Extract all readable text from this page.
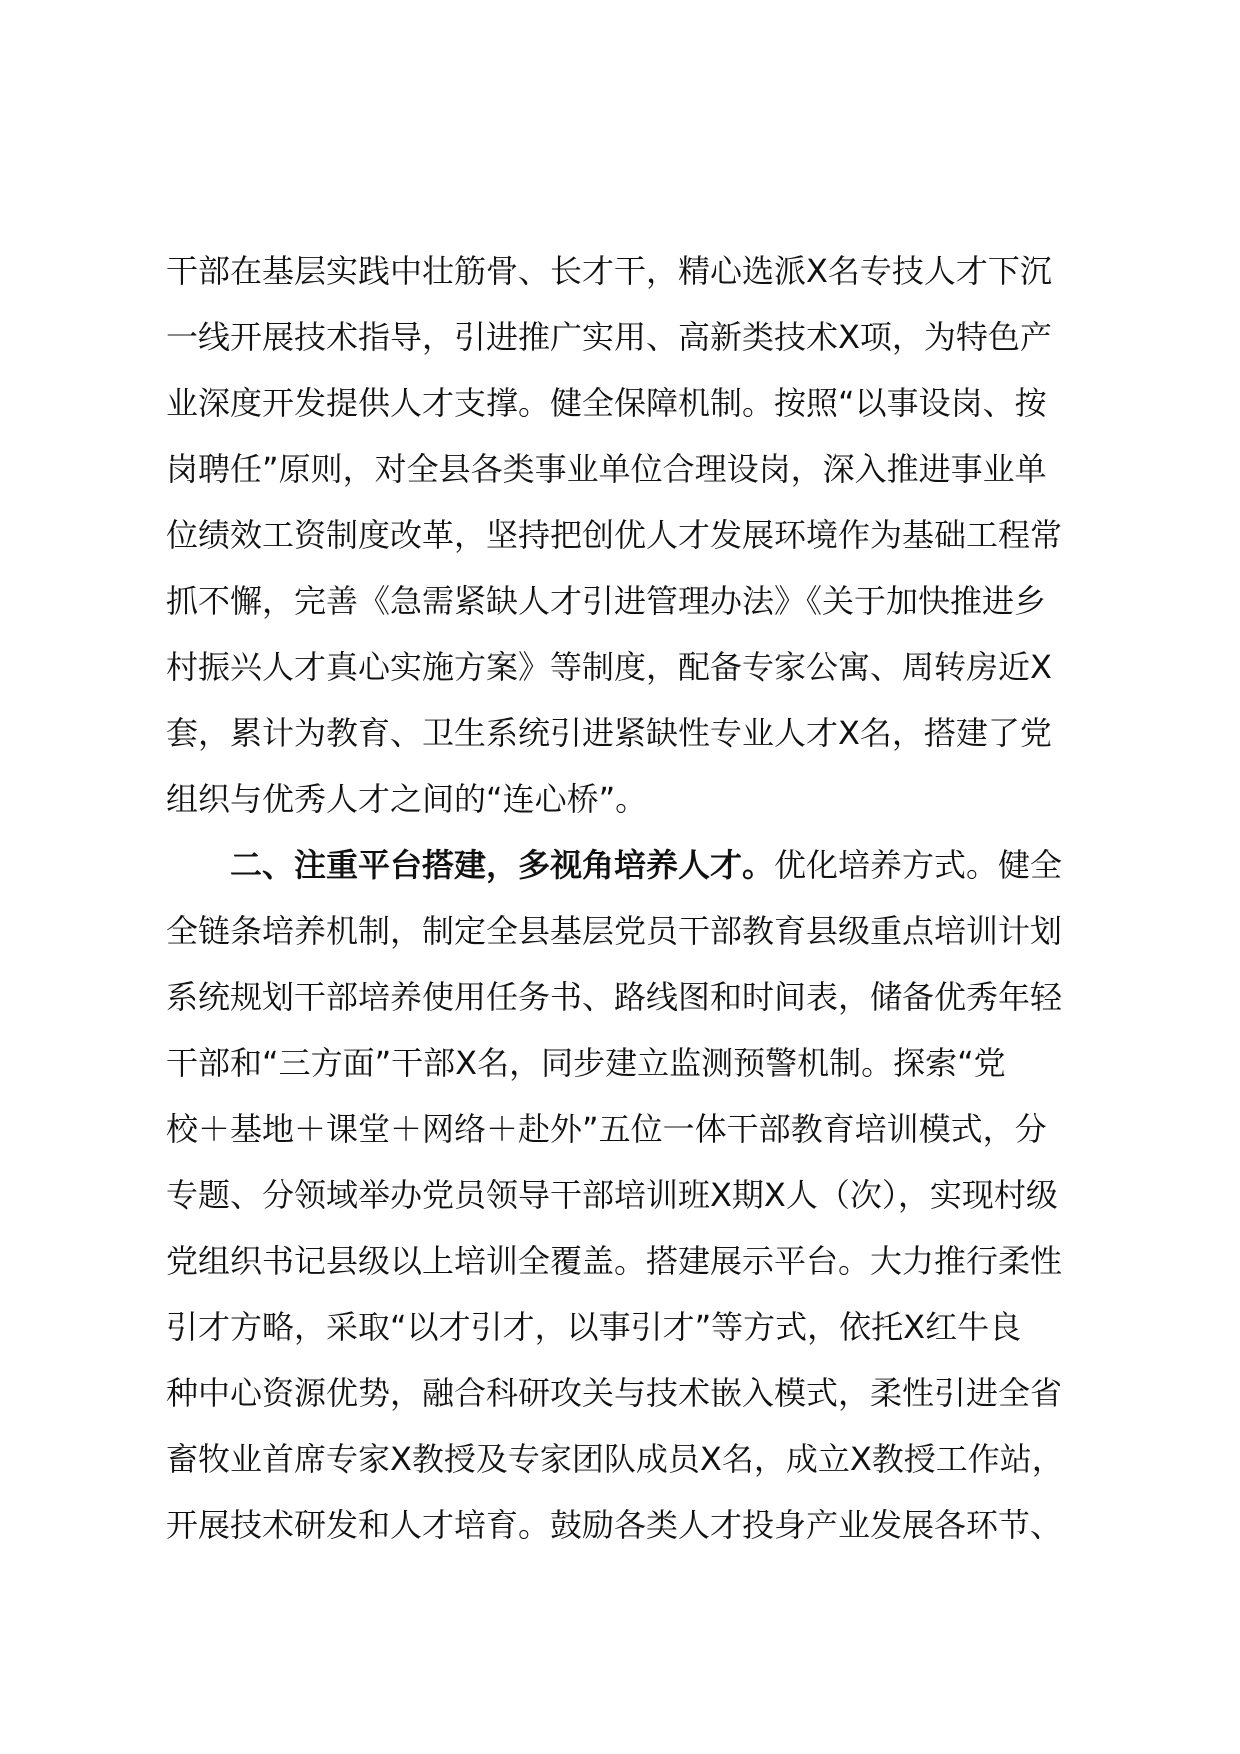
干部在基层实践中壮筋骨、长才干，精心选派X名专技人才下沉
一线开展技术指导，引进推广实用、高新类技术X项，为特色产
业深度开发提供人才支撑。健全保障机制。按照“以事设岗、按
岗聘任”原则，对全县各类事业单位合理设岗，深入推进事业单
位绩效工资制度改革，坚持把创优人才发展环境作为基础工程常
抓不懈，完善《急需紧缺人才引进管理办法》《关于加快推进乡
村振兴人才真心实施方案》等制度，配备专家公寓、周转房近X
套，累计为教育、卫生系统引进紧缺性专业人才X名，搭建了党
组织与优秀人才之间的“连心桥”。
二、注重平台搭建，多视角培养人才。优化培养方式。健全
全链条培养机制，制定全县基层党员干部教育县级重点培训计划
系统规划干部培养使用任务书、路线图和时间表，储备优秀年轻
干部和“三方面”干部X名，同步建立监测预警机制。探索“党
校＋基地＋课堂＋网络＋赴外”五位一体干部教育培训模式，分
专题、分领域举办党员领导干部培训班X期X人（次），实现村级
党组织书记县级以上培训全覆盖。搭建展示平台。大力推行柔性
引才方略，采取“以才引才，以事引才”等方式，依托X红牛良
种中心资源优势，融合科研攻关与技术嵌入模式，柔性引进全省
畜牧业首席专家X教授及专家团队成员X名，成立X教授工作站，
开展技术研发和人才培育。鼓励各类人才投身产业发展各环节、
